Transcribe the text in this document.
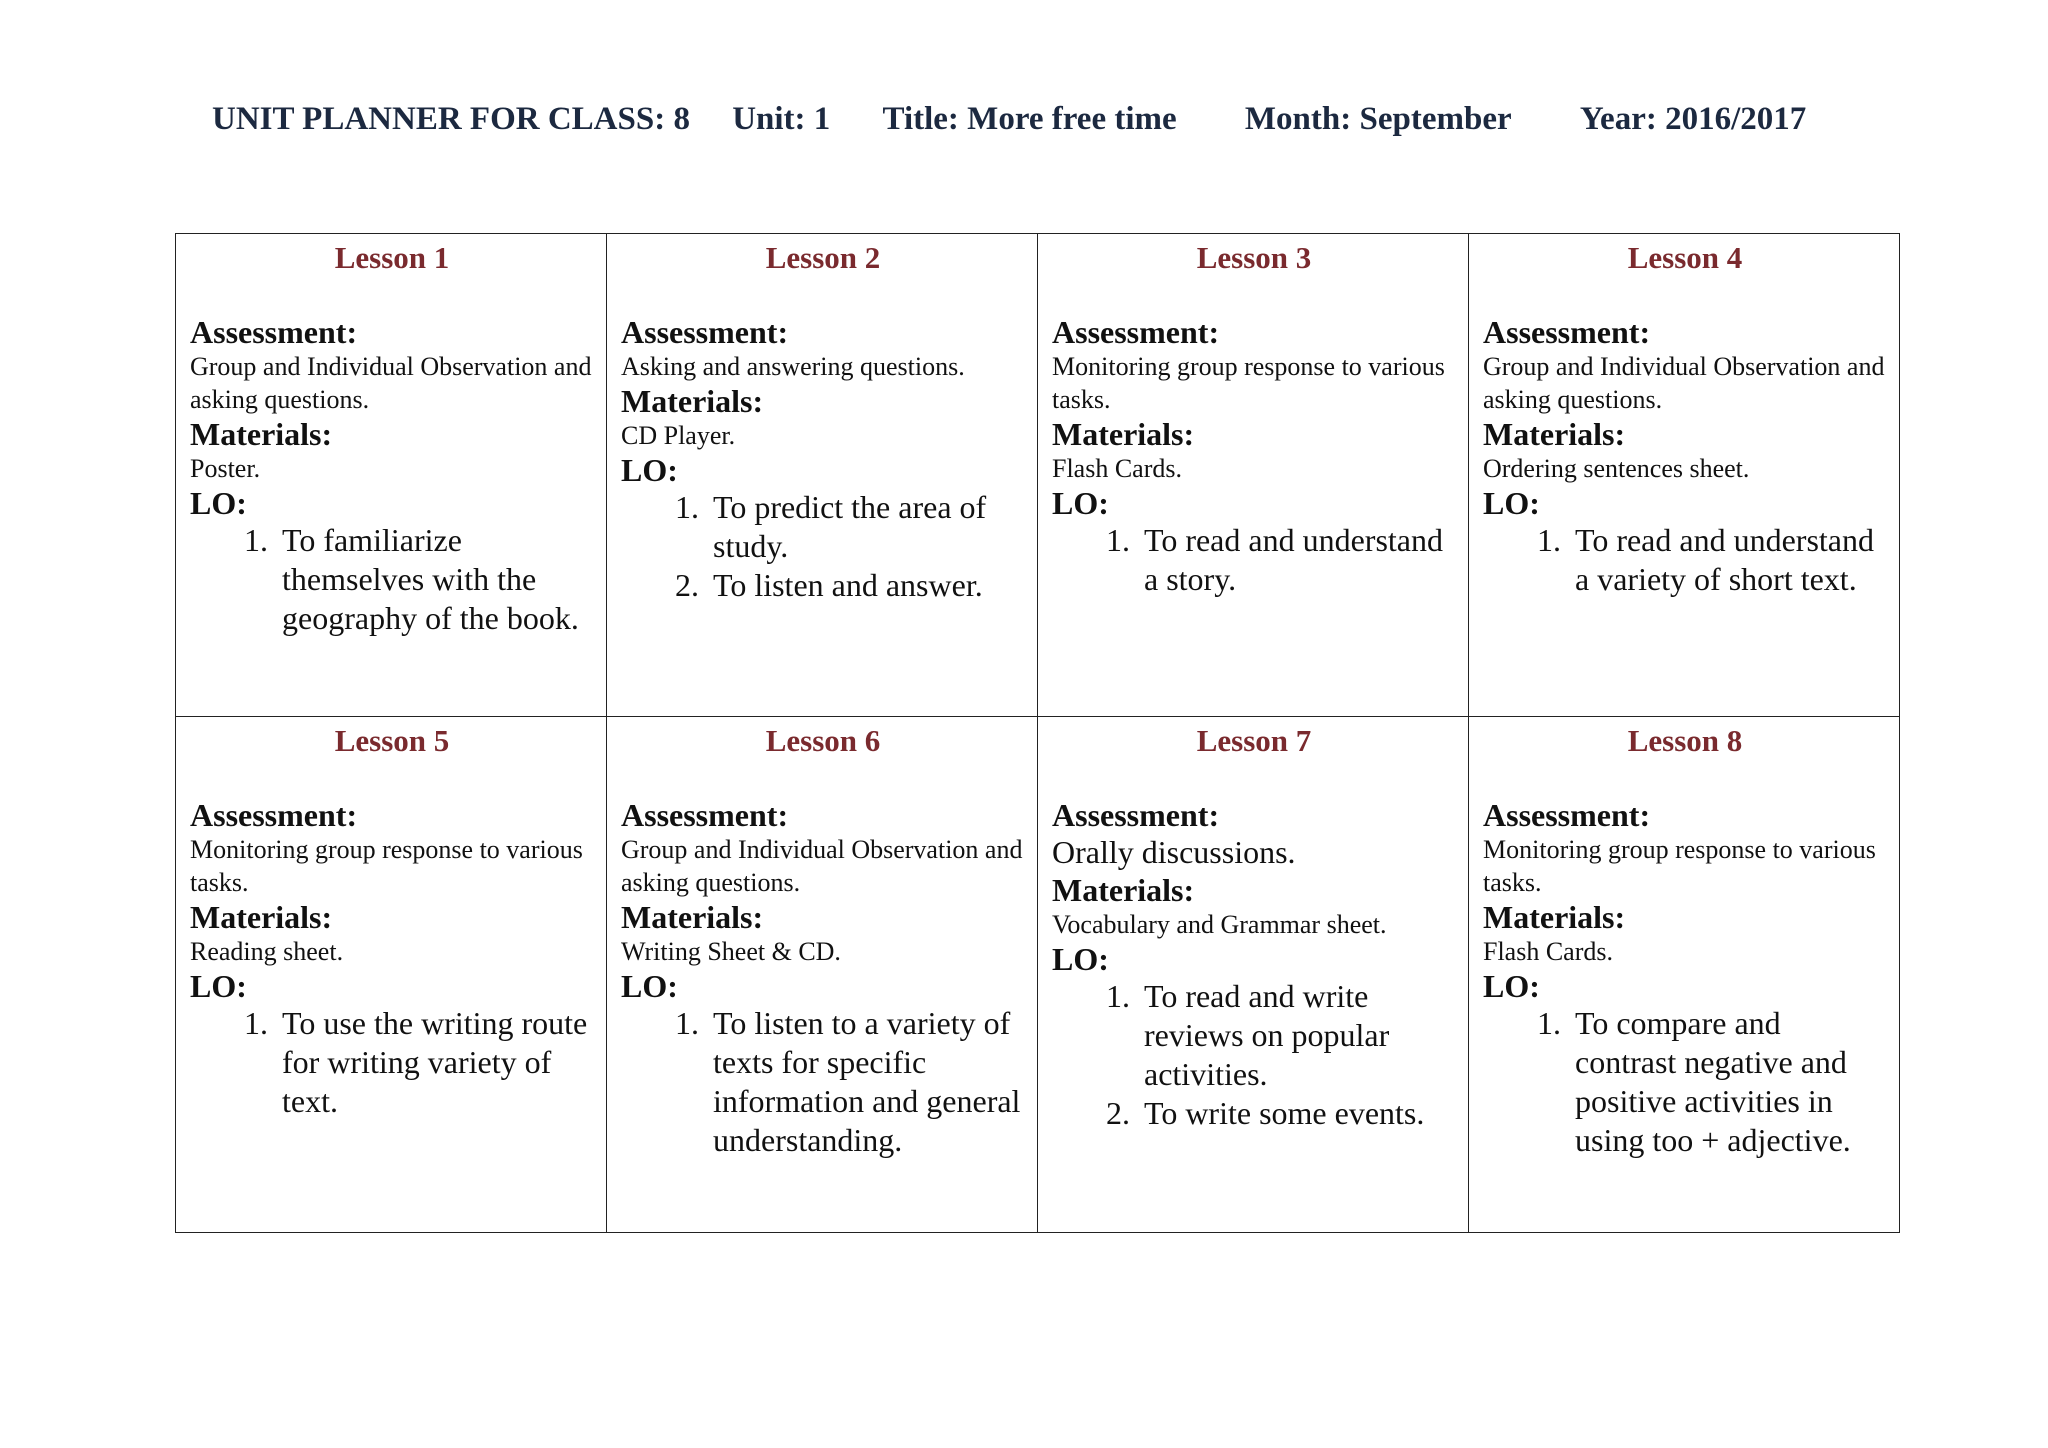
UNIT PLANNER FOR CLASS: 8 Unit: 1 Title: More free time Month: September Year: 2016/2017
Lesson 1
Assessment:
Group and Individual Observation and asking questions.
Materials:
Poster.
LO:
1. To familiarize themselves with the geography of the book.
Lesson 2
Assessment:
Asking and answering questions.
Materials:
CD Player.
LO:
1. To predict the area of study.
2. To listen and answer.
Lesson 3
Assessment:
Monitoring group response to various tasks.
Materials:
Flash Cards.
LO:
1. To read and understand a story.
Lesson 4
Assessment:
Group and Individual Observation and asking questions.
Materials:
Ordering sentences sheet.
LO:
1. To read and understand a variety of short text.
Lesson 5
Assessment:
Monitoring group response to various tasks.
Materials:
Reading sheet.
LO:
1. To use the writing route for writing variety of text.
Lesson 6
Assessment:
Group and Individual Observation and asking questions.
Materials:
Writing Sheet & CD.
LO:
1. To listen to a variety of texts for specific information and general understanding.
Lesson 7
Assessment:
Orally discussions.
Materials:
Vocabulary and Grammar sheet.
LO:
1. To read and write reviews on popular activities.
2. To write some events.
Lesson 8
Assessment:
Monitoring group response to various tasks.
Materials:
Flash Cards.
LO:
1. To compare and contrast negative and positive activities in using too + adjective.
